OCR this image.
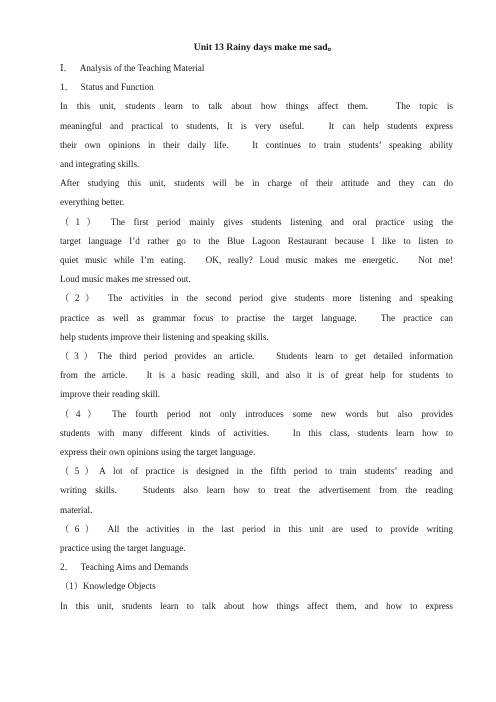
Unit 13 Rainy days make me sad。

Ⅰ．   Analysis of the Teaching Material

1．   Status and Function

In this unit, students learn to talk about how things affect them.   The topic is

meaningful and practical to students, It is very useful.   It can help students express

their own opinions in their daily life.   It continues to train students’ speaking ability

and integrating skills.

After studying this unit, students will be in charge of their attitude and they can do

everything better.

（1） The first period mainly gives students listening and oral practice using the

target language I’d rather go to the Blue Lagoon Restaurant because I like to listen to

quiet music while I’m eating.   OK, really? Loud music makes me energetic.   Not me!

Loud music makes me stressed out.

（2） The activities in the second period give students more listening and speaking

practice as well as grammar focus to practise the target language.   The practice can

help students improve their listening and speaking skills.

（3）The third period provides an article.   Students learn to get detailed information

from the article.   It is a basic reading skill, and also it is of great help for students to

improve their reading skill.

（4） The fourth period not only introduces some new words but also provides

students with many different kinds of activities.   In this class, students learn how to

express their own opinions using the target language.

（5）A lot of practice is designed in the fifth period to train students’ reading and

writing skills.   Students also learn how to treat the advertisement from the reading

material.

（6） All the activities in the last period in this unit are used to provide writing

practice using the target language.

2．   Teaching Aims and Demands

（1）Knowledge Objects

In this unit, students learn to talk about how things affect them, and how to express
